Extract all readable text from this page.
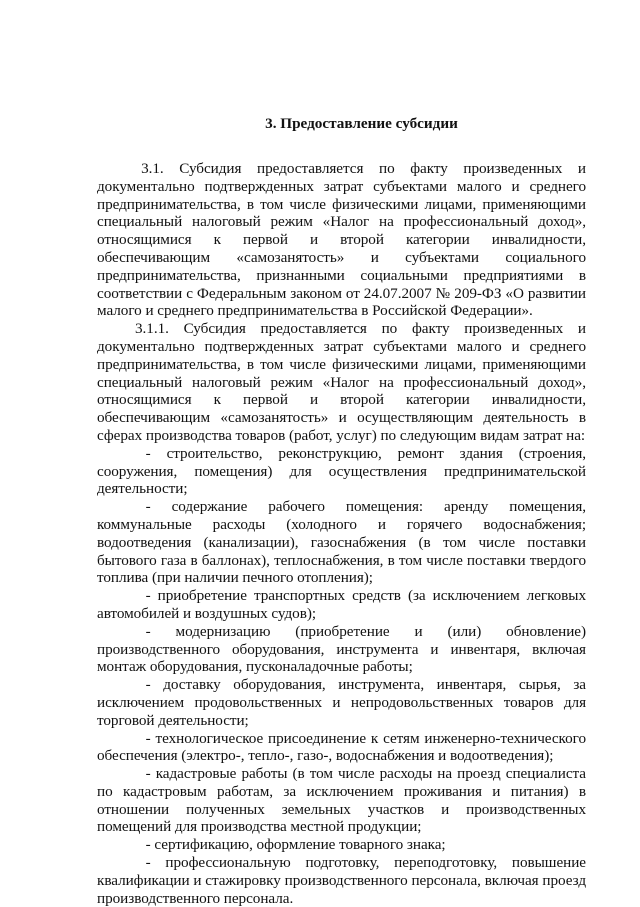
3. Предоставление субсидии

3.1. Субсидия предоставляется по факту произведенных и документально подтвержденных затрат субъектами малого и среднего предпринимательства, в том числе физическими лицами, применяющими специальный налоговый режим «Налог на профессиональный доход», относящимися к первой и второй категории инвалидности, обеспечивающим «самозанятость» и субъектами социального предпринимательства, признанными социальными предприятиями в соответствии с Федеральным законом от 24.07.2007 № 209-ФЗ «О развитии малого и среднего предпринимательства в Российской Федерации».

3.1.1. Субсидия предоставляется по факту произведенных и документально подтвержденных затрат субъектами малого и среднего предпринимательства, в том числе физическими лицами, применяющими специальный налоговый режим «Налог на профессиональный доход», относящимися к первой и второй категории инвалидности, обеспечивающим «самозанятость» и осуществляющим деятельность в сферах производства товаров (работ, услуг) по следующим видам затрат на:

- строительство, реконструкцию, ремонт здания (строения, сооружения, помещения) для осуществления предпринимательской деятельности;

- содержание рабочего помещения: аренду помещения, коммунальные расходы (холодного и горячего водоснабжения; водоотведения (канализации), газоснабжения (в том числе поставки бытового газа в баллонах), теплоснабжения, в том числе поставки твердого топлива (при наличии печного отопления);

- приобретение транспортных средств (за исключением легковых автомобилей и воздушных судов);

- модернизацию (приобретение и (или) обновление) производственного оборудования, инструмента и инвентаря, включая монтаж оборудования, пусконаладочные работы;

- доставку оборудования, инструмента, инвентаря, сырья, за исключением продовольственных и непродовольственных товаров для торговой деятельности;

- технологическое присоединение к сетям инженерно-технического обеспечения (электро-, тепло-, газо-, водоснабжения и водоотведения);

- кадастровые работы (в том числе расходы на проезд специалиста по кадастровым работам, за исключением проживания и питания) в отношении полученных земельных участков и производственных помещений для производства местной продукции;

- сертификацию, оформление товарного знака;

- профессиональную подготовку, переподготовку, повышение квалификации и стажировку производственного персонала, включая проезд производственного персонала.
